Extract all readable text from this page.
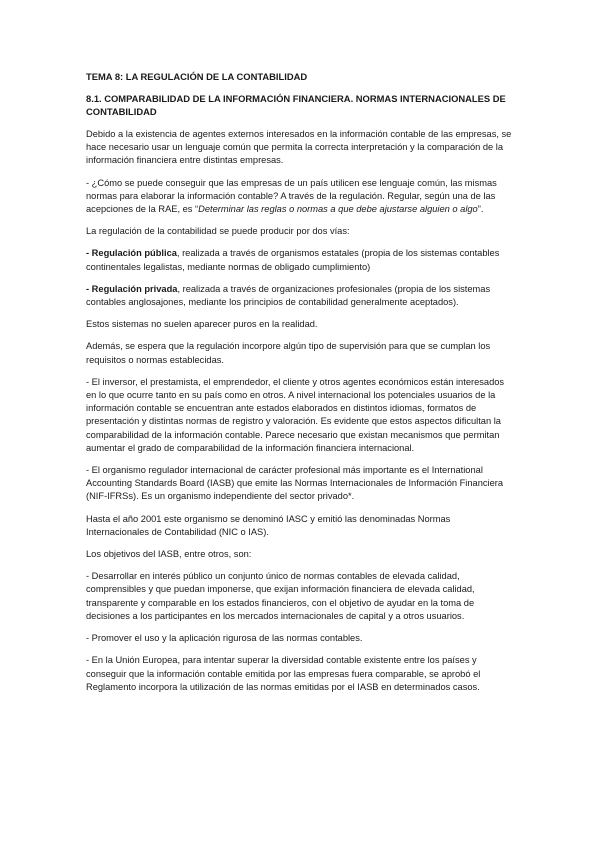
TEMA 8: LA REGULACIÓN DE LA CONTABILIDAD
8.1. COMPARABILIDAD DE LA INFORMACIÓN FINANCIERA. NORMAS INTERNACIONALES DE CONTABILIDAD

Debido a la existencia de agentes externos interesados en la información contable de las empresas, se hace necesario usar un lenguaje común que permita la correcta interpretación y la comparación de la información financiera entre distintas empresas.

- ¿Cómo se puede conseguir que las empresas de un país utilicen ese lenguaje común, las mismas normas para elaborar la información contable? A través de la regulación. Regular, según una de las acepciones de la RAE, es “Determinar las reglas o normas a que debe ajustarse alguien o algo”.

La regulación de la contabilidad se puede producir por dos vías:

- Regulación pública, realizada a través de organismos estatales (propia de los sistemas contables continentales legalistas, mediante normas de obligado cumplimiento)

- Regulación privada, realizada a través de organizaciones profesionales (propia de los sistemas contables anglosajones, mediante los principios de contabilidad generalmente aceptados).

Estos sistemas no suelen aparecer puros en la realidad.

Además, se espera que la regulación incorpore algún tipo de supervisión para que se cumplan los requisitos o normas establecidas.

- El inversor, el prestamista, el emprendedor, el cliente y otros agentes económicos están interesados en lo que ocurre tanto en su país como en otros. A nivel internacional los potenciales usuarios de la información contable se encuentran ante estados elaborados en distintos idiomas, formatos de presentación y distintas normas de registro y valoración. Es evidente que estos aspectos dificultan la comparabilidad de la información contable. Parece necesario que existan mecanismos que permitan aumentar el grado de comparabilidad de la información financiera internacional.

- El organismo regulador internacional de carácter profesional más importante es el International Accounting Standards Board (IASB) que emite las Normas Internacionales de Información Financiera (NIF-IFRSs). Es un organismo independiente del sector privado*.

Hasta el año 2001 este organismo se denominó IASC y emitió las denominadas Normas Internacionales de Contabilidad (NIC o IAS).

Los objetivos del IASB, entre otros, son:

- Desarrollar en interés público un conjunto único de normas contables de elevada calidad, comprensibles y que puedan imponerse, que exijan información financiera de elevada calidad, transparente y comparable en los estados financieros, con el objetivo de ayudar en la toma de decisiones a los participantes en los mercados internacionales de capital y a otros usuarios.

- Promover el uso y la aplicación rigurosa de las normas contables.

- En la Unión Europea, para intentar superar la diversidad contable existente entre los países y conseguir que la información contable emitida por las empresas fuera comparable, se aprobó el Reglamento incorpora la utilización de las normas emitidas por el IASB en determinados casos.
